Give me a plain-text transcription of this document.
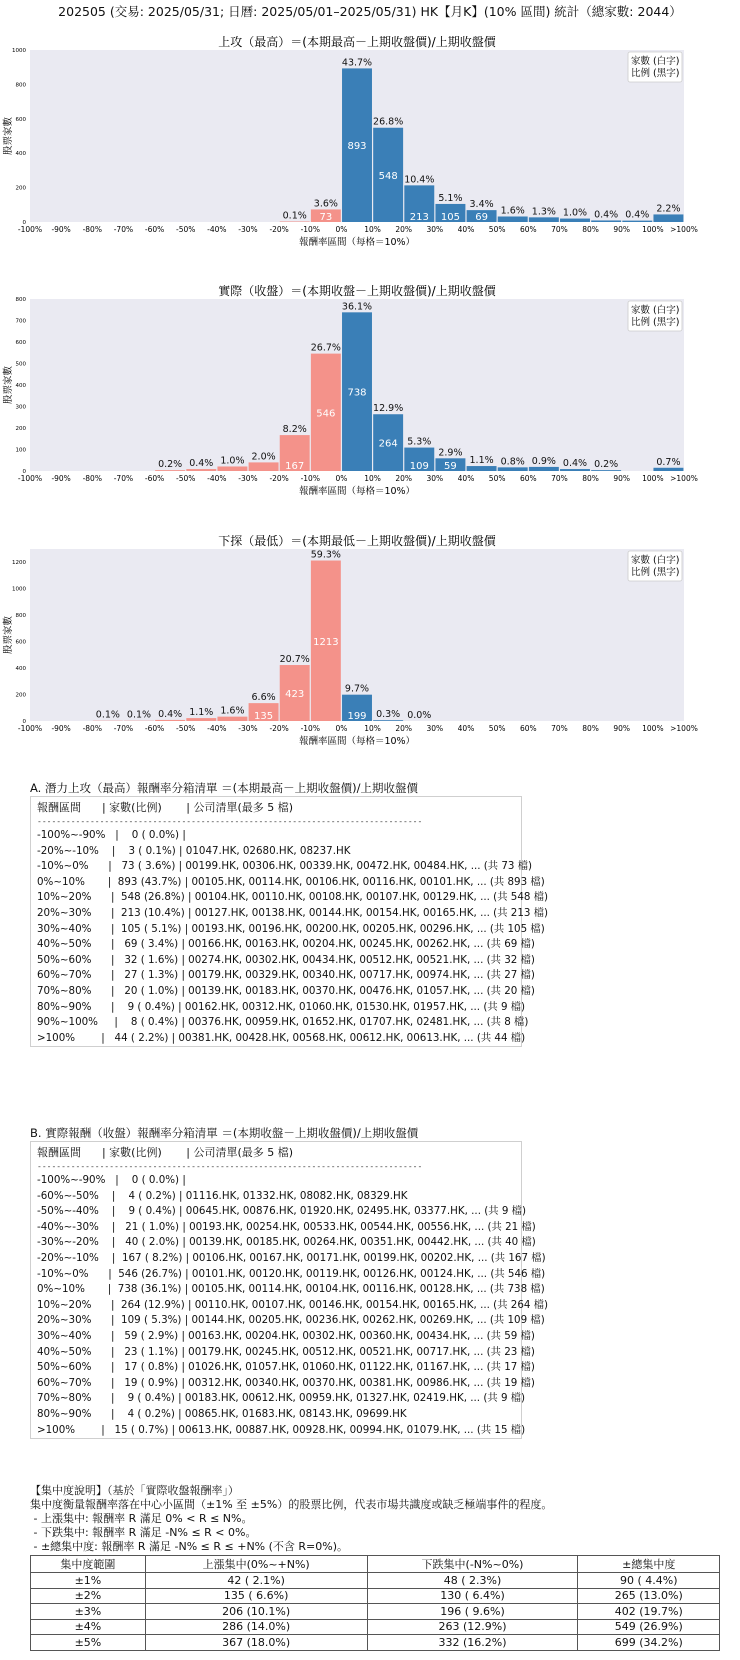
202505 (交易: 2025/05/31; 日曆: 2025/05/01–2025/05/31) HK【月K】(10% 區間) 統計（總家數: 2044）
上攻（最高）＝(本期最高－上期收盤價)/上期收盤價
0
200
400
600
800
1000
股票家數
0.1% 73
3.6%
893
43.7%
548
26.8%
213
10.4%
105
5.1%
69
3.4%
1.6% 1.3% 1.0% 0.4% 0.4%
2.2%
-100% -90% -80% -70% -60% -50% -40% -30% -20% -10% 0% 10% 20% 30% 40% 50% 60% 70% 80% 90% 100% >100%
報酬率區間（每格＝10%）
家數 (白字)
比例 (黑字)
實際（收盤）＝(本期收盤－上期收盤價)/上期收盤價
0
100
200
300
400
500
600
700
800
股票家數
0.2% 0.4% 1.0% 2.0%
167
8.2%
546
26.7%
738
36.1%
264
12.9%
109
5.3%
59
2.9%
1.1% 0.8% 0.9% 0.4% 0.2%	0.7%
-100% -90% -80% -70% -60% -50% -40% -30% -20% -10% 0% 10% 20% 30% 40% 50% 60% 70% 80% 90% 100% >100%
報酬率區間（每格＝10%）
家數 (白字)
比例 (黑字)
下探（最低）＝(本期最低－上期收盤價)/上期收盤價
0
200
400
600
800
1000
1200
股票家數
0.1% 0.1% 0.4% 1.1% 1.6% 135
6.6% 423
20.7%
1213
59.3%
199
9.7%
0.3% 0.0%
-100% -90% -80% -70% -60% -50% -40% -30% -20% -10% 0% 10% 20% 30% 40% 50% 60% 70% 80% 90% 100% >100%
報酬率區間（每格＝10%）
家數 (白字)
比例 (黑字)
A. 潛力上攻（最高）報酬率分箱清單 ＝(本期最高－上期收盤價)/上期收盤價
報酬區間      | 家數(比例)       | 公司清單(最多 5 檔)
--------------------------------------------------------------------------------
-100%~-90%   |    0 ( 0.0%) |
-20%~-10%    |    3 ( 0.1%) | 01047.HK, 02680.HK, 08237.HK
-10%~0%      |   73 ( 3.6%) | 00199.HK, 00306.HK, 00339.HK, 00472.HK, 00484.HK, ... (共 73 檔)
0%~10%       |  893 (43.7%) | 00105.HK, 00114.HK, 00106.HK, 00116.HK, 00101.HK, ... (共 893 檔)
10%~20%      |  548 (26.8%) | 00104.HK, 00110.HK, 00108.HK, 00107.HK, 00129.HK, ... (共 548 檔)
20%~30%      |  213 (10.4%) | 00127.HK, 00138.HK, 00144.HK, 00154.HK, 00165.HK, ... (共 213 檔)
30%~40%      |  105 ( 5.1%) | 00193.HK, 00196.HK, 00200.HK, 00205.HK, 00296.HK, ... (共 105 檔)
40%~50%      |   69 ( 3.4%) | 00166.HK, 00163.HK, 00204.HK, 00245.HK, 00262.HK, ... (共 69 檔)
50%~60%      |   32 ( 1.6%) | 00274.HK, 00302.HK, 00434.HK, 00512.HK, 00521.HK, ... (共 32 檔)
60%~70%      |   27 ( 1.3%) | 00179.HK, 00329.HK, 00340.HK, 00717.HK, 00974.HK, ... (共 27 檔)
70%~80%      |   20 ( 1.0%) | 00139.HK, 00183.HK, 00370.HK, 00476.HK, 01057.HK, ... (共 20 檔)
80%~90%      |    9 ( 0.4%) | 00162.HK, 00312.HK, 01060.HK, 01530.HK, 01957.HK, ... (共 9 檔)
90%~100%     |    8 ( 0.4%) | 00376.HK, 00959.HK, 01652.HK, 01707.HK, 02481.HK, ... (共 8 檔)
>100%        |   44 ( 2.2%) | 00381.HK, 00428.HK, 00568.HK, 00612.HK, 00613.HK, ... (共 44 檔)
B. 實際報酬（收盤）報酬率分箱清單 ＝(本期收盤－上期收盤價)/上期收盤價
報酬區間      | 家數(比例)       | 公司清單(最多 5 檔)
--------------------------------------------------------------------------------
-100%~-90%   |    0 ( 0.0%) |
-60%~-50%    |    4 ( 0.2%) | 01116.HK, 01332.HK, 08082.HK, 08329.HK
-50%~-40%    |    9 ( 0.4%) | 00645.HK, 00876.HK, 01920.HK, 02495.HK, 03377.HK, ... (共 9 檔)
-40%~-30%    |   21 ( 1.0%) | 00193.HK, 00254.HK, 00533.HK, 00544.HK, 00556.HK, ... (共 21 檔)
-30%~-20%    |   40 ( 2.0%) | 00139.HK, 00185.HK, 00264.HK, 00351.HK, 00442.HK, ... (共 40 檔)
-20%~-10%    |  167 ( 8.2%) | 00106.HK, 00167.HK, 00171.HK, 00199.HK, 00202.HK, ... (共 167 檔)
-10%~0%      |  546 (26.7%) | 00101.HK, 00120.HK, 00119.HK, 00126.HK, 00124.HK, ... (共 546 檔)
0%~10%       |  738 (36.1%) | 00105.HK, 00114.HK, 00104.HK, 00116.HK, 00128.HK, ... (共 738 檔)
10%~20%      |  264 (12.9%) | 00110.HK, 00107.HK, 00146.HK, 00154.HK, 00165.HK, ... (共 264 檔)
20%~30%      |  109 ( 5.3%) | 00144.HK, 00205.HK, 00236.HK, 00262.HK, 00269.HK, ... (共 109 檔)
30%~40%      |   59 ( 2.9%) | 00163.HK, 00204.HK, 00302.HK, 00360.HK, 00434.HK, ... (共 59 檔)
40%~50%      |   23 ( 1.1%) | 00179.HK, 00245.HK, 00512.HK, 00521.HK, 00717.HK, ... (共 23 檔)
50%~60%      |   17 ( 0.8%) | 01026.HK, 01057.HK, 01060.HK, 01122.HK, 01167.HK, ... (共 17 檔)
60%~70%      |   19 ( 0.9%) | 00312.HK, 00340.HK, 00370.HK, 00381.HK, 00986.HK, ... (共 19 檔)
70%~80%      |    9 ( 0.4%) | 00183.HK, 00612.HK, 00959.HK, 01327.HK, 02419.HK, ... (共 9 檔)
80%~90%      |    4 ( 0.2%) | 00865.HK, 01683.HK, 08143.HK, 09699.HK
>100%        |   15 ( 0.7%) | 00613.HK, 00887.HK, 00928.HK, 00994.HK, 01079.HK, ... (共 15 檔)
【集中度說明】（基於「實際收盤報酬率」）
集中度衡量報酬率落在中心小區間（±1% 至 ±5%）的股票比例，代表市場共識度或缺乏極端事件的程度。
- 上漲集中: 報酬率 R 滿足 0% < R ≤ N%。
- 下跌集中: 報酬率 R 滿足 -N% ≤ R < 0%。
- ±總集中度: 報酬率 R 滿足 -N% ≤ R ≤ +N% (不含 R=0%)。
集中度範圍	上漲集中(0%~+N%)	下跌集中(-N%~0%)	±總集中度
±1%	42 ( 2.1%)	48 ( 2.3%)	90 ( 4.4%)
±2%	135 ( 6.6%)	130 ( 6.4%)	265 (13.0%)
±3%	206 (10.1%)	196 ( 9.6%)	402 (19.7%)
±4%	286 (14.0%)	263 (12.9%)	549 (26.9%)
±5%	367 (18.0%)	332 (16.2%)	699 (34.2%)
